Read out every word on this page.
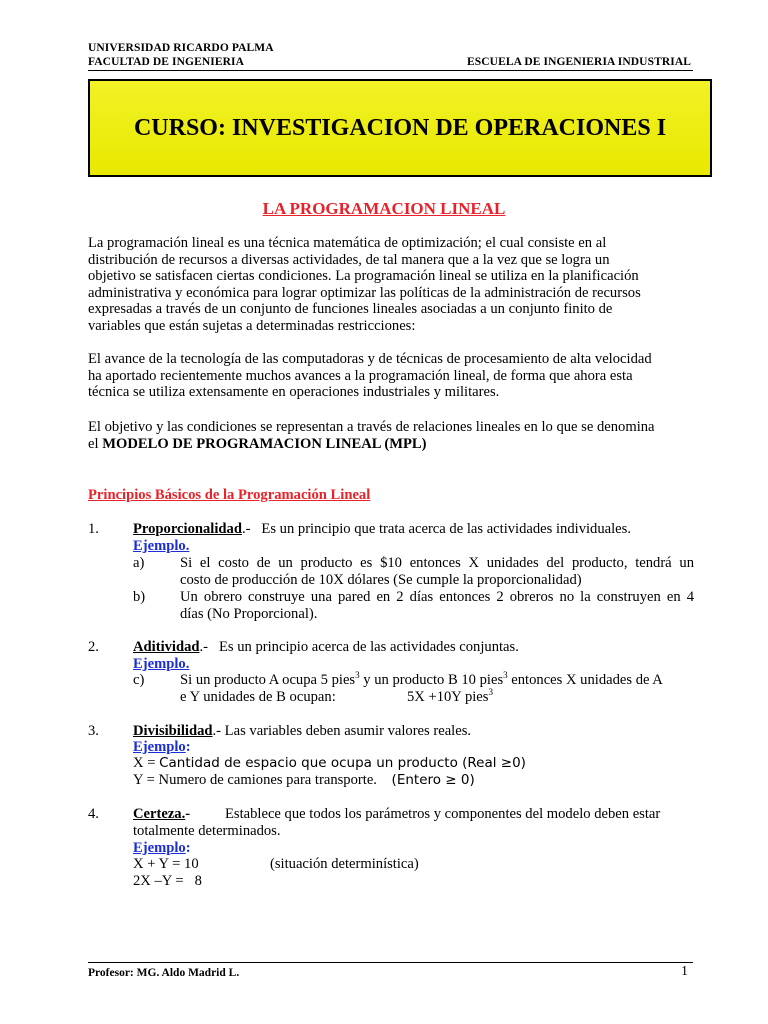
UNIVERSIDAD RICARDO PALMA
FACULTAD DE INGENIERIA	ESCUELA DE INGENIERIA INDUSTRIAL
CURSO: INVESTIGACION DE OPERACIONES I
LA PROGRAMACION LINEAL
La programación lineal es una técnica matemática de optimización; el cual consiste en al
distribución de recursos a diversas actividades, de tal manera que a la vez que se logra un
objetivo se satisfacen ciertas condiciones. La programación lineal se utiliza en la planificación
administrativa y económica para lograr optimizar las políticas de la administración de recursos
expresadas a través de un conjunto de funciones lineales asociadas a un conjunto finito de
variables que están sujetas a determinadas restricciones:
El avance de la tecnología de las computadoras y de técnicas de procesamiento de alta velocidad
ha aportado recientemente muchos avances a la programación lineal, de forma que ahora esta
técnica se utiliza extensamente en operaciones industriales y militares.
El objetivo y las condiciones se representan a través de relaciones lineales en lo que se denomina
el MODELO DE PROGRAMACION LINEAL (MPL)
Principios Básicos de la Programación Lineal
1. Proporcionalidad.- Es un principio que trata acerca de las actividades individuales.
Ejemplo.
a) Si el costo de un producto es $10 entonces X unidades del producto, tendrá un
costo de producción de 10X dólares (Se cumple la proporcionalidad)
b) Un obrero construye una pared en 2 días entonces 2 obreros no la construyen en 4
días (No Proporcional).
2. Aditividad.- Es un principio acerca de las actividades conjuntas.
Ejemplo.
c) Si un producto A ocupa 5 pies$^3$ y un producto B 10 pies$^3$ entonces X unidades de A
e Y unidades de B ocupan:	5X +10Y pies$^3$
3. Divisibilidad.- Las variables deben asumir valores reales.
Ejemplo:
X = Cantidad de espacio que ocupa un producto (Real ≥0)
Y = Numero de camiones para transporte. (Entero ≥ 0)
4. Certeza.- Establece que todos los parámetros y componentes del modelo deben estar
totalmente determinados.
Ejemplo:
X + Y = 10	(situación determinística)
2X –Y =   8
Profesor: MG. Aldo Madrid L.	1
